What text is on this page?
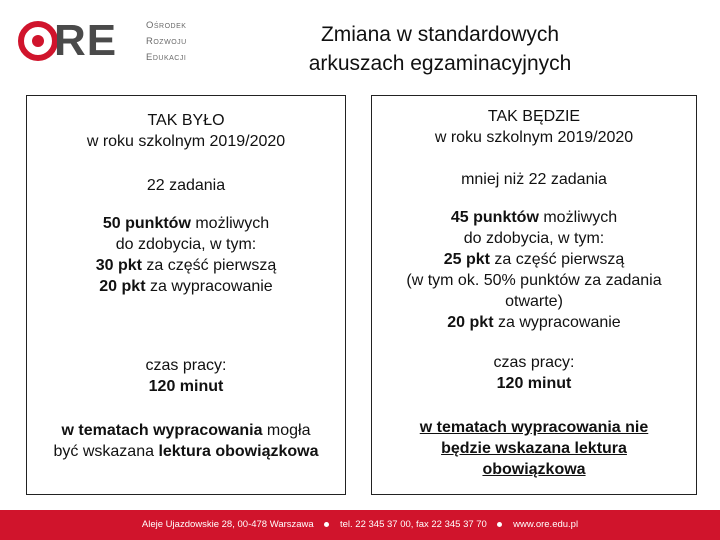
RE	Ośrodek
Rozwoju
Edukacji
Zmiana w standardowych
arkuszach egzaminacyjnych
TAK BYŁO
w roku szkolnym 2019/2020
22 zadania
50 punktów możliwych
do zdobycia, w tym:
30 pkt za część pierwszą
20 pkt za wypracowanie
czas pracy:
120 minut
w tematach wypracowania mogła
być wskazana lektura obowiązkowa
TAK BĘDZIE
w roku szkolnym 2019/2020
mniej niż 22 zadania
45 punktów możliwych
do zdobycia, w tym:
25 pkt za część pierwszą
(w tym ok. 50% punktów za zadania
otwarte)
20 pkt za wypracowanie
czas pracy:
120 minut
w tematach wypracowania nie
będzie wskazana lektura
obowiązkowa
Aleje Ujazdowskie 28, 00-478 Warszawa	tel. 22 345 37 00, fax 22 345 37 70	www.ore.edu.pl
